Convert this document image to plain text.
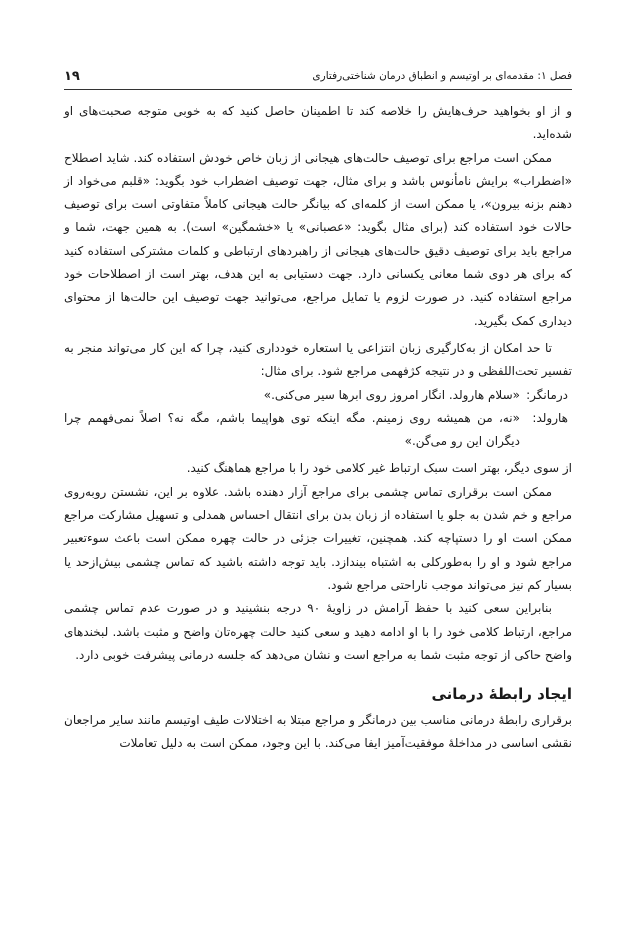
فصل ۱: مقدمه‌ای بر اوتیسم و انطباق درمان شناختی‌رفتاری
۱۹

و از او بخواهید حرف‌هایش را خلاصه کند تا اطمینان حاصل کنید که به خوبی متوجه صحبت‌های او شده‌اید.

ممکن است مراجع برای توصیف حالت‌های هیجانی از زبان خاص خودش استفاده کند. شاید اصطلاح «اضطراب» برایش نامأنوس باشد و برای مثال، جهت توصیف اضطراب خود بگوید: «قلبم می‌خواد از دهنم بزنه بیرون»، یا ممکن است از کلمه‌ای که بیانگر حالت هیجانی کاملاً متفاوتی است برای توصیف حالات خود استفاده کند (برای مثال بگوید: «عصبانی» یا «خشمگین» است). به همین جهت، شما و مراجع باید برای توصیف دقیق حالت‌های هیجانی از راهبردهای ارتباطی و کلمات مشترکی استفاده کنید که برای هر دوی شما معانی یکسانی دارد. جهت دستیابی به این هدف، بهتر است از اصطلاحات خود مراجع استفاده کنید. در صورت لزوم یا تمایل مراجع، می‌توانید جهت توصیف این حالت‌ها از محتوای دیداری کمک بگیرید.

تا حد امکان از به‌کارگیری زبان انتزاعی یا استعاره خودداری کنید، چرا که این کار می‌تواند منجر به تفسیر تحت‌اللفظی و در نتیجه کژفهمی مراجع شود. برای مثال:

درمانگر:
«سلام هارولد. انگار امروز روی ابرها سیر می‌کنی.»
هارولد:
«نه، من همیشه روی زمینم. مگه اینکه توی هواپیما باشم، مگه نه؟ اصلاً نمی‌فهمم چرا دیگران این رو می‌گن.»

از سوی دیگر، بهتر است سبک ارتباط غیر کلامی خود را با مراجع هماهنگ کنید.

ممکن است برقراری تماس چشمی برای مراجع آزار دهنده باشد. علاوه بر این، نشستن روبه‌روی مراجع و خم شدن به جلو یا استفاده از زبان بدن برای انتقال احساس همدلی و تسهیل مشارکت مراجع ممکن است او را دستپاچه کند. همچنین، تغییرات جزئی در حالت چهره ممکن است باعث سوءتعبیر مراجع شود و او را به‌طورکلی به اشتباه بیندازد. باید توجه داشته باشید که تماس چشمی بیش‌ازحد یا بسیار کم نیز می‌تواند موجب ناراحتی مراجع شود.

بنابراین سعی کنید با حفظ آرامش در زاویهٔ ۹۰ درجه بنشینید و در صورت عدم تماس چشمی مراجع، ارتباط کلامی خود را با او ادامه دهید و سعی کنید حالت چهره‌تان واضح و مثبت باشد. لبخندهای واضح حاکی از توجه مثبت شما به مراجع است و نشان می‌دهد که جلسه درمانی پیشرفت خوبی دارد.

ایجاد رابطهٔ درمانی

برقراری رابطهٔ درمانی مناسب بین درمانگر و مراجع مبتلا به اختلالات طیف اوتیسم مانند سایر مراجعان نقشی اساسی در مداخلهٔ موفقیت‌آمیز ایفا می‌کند. با این وجود، ممکن است به دلیل تعاملات
